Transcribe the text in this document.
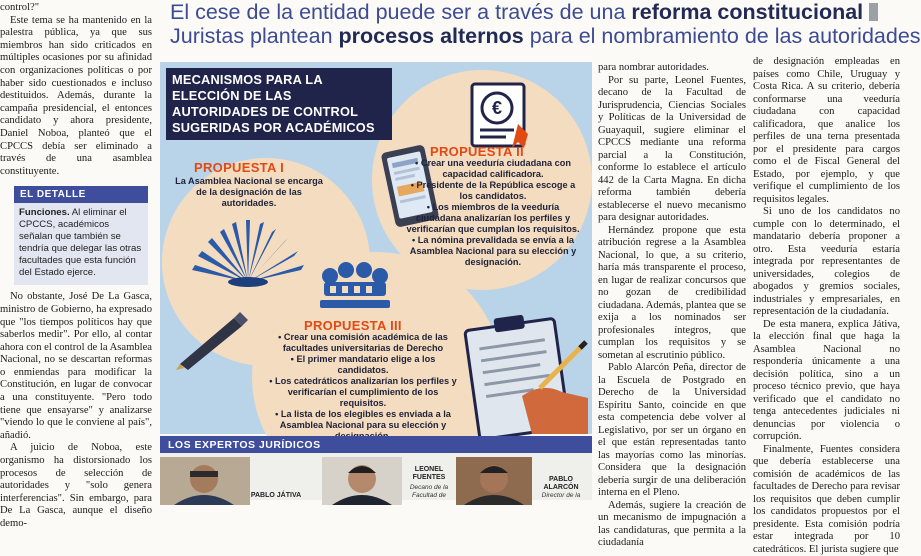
control?"

Este tema se ha mantenido en la palestra pública, ya que sus miembros han sido criticados en múltiples ocasiones por su afinidad con organizaciones políticas o por haber sido cuestionados e incluso destituidos. Además, durante la campaña presidencial, el entonces candidato y ahora presidente, Daniel Noboa, planteó que el CPCCS debía ser eliminado a través de una asamblea constituyente.

EL DETALLE
Funciones. Al eliminar el CPCCS, académicos señalan que también se tendría que delegar las otras facultades que esta función del Estado ejerce.

No obstante, José De La Gasca, ministro de Gobierno, ha expresado que "los tiempos políticos hay que saberlos medir". Por ello, al contar ahora con el control de la Asamblea Nacional, no se descartan reformas o enmiendas para modificar la Constitución, en lugar de convocar a una constituyente. "Pero todo tiene que ensayarse" y analizarse "viendo lo que le conviene al país", añadió.

A juicio de Noboa, este organismo ha distorsionado los procesos de selección de autoridades y "solo genera interferencias". Sin embargo, para De La Gasca, aunque el diseño demo-

El cese de la entidad puede ser a través de una reforma constitucional
Juristas plantean procesos alternos para el nombramiento de las autoridades
MECANISMOS PARA LA ELECCIÓN DE LAS AUTORIDADES DE CONTROL SUGERIDAS POR ACADÉMICOS
€
PROPUESTA I
La Asamblea Nacional se encarga de la designación de las autoridades.
PROPUESTA II
• Crear una veeduría ciudadana con capacidad calificadora.
• Presidente de la República escoge a los candidatos.
• Los miembros de la veeduría ciudadana analizarían los perfiles y verificarían que cumplan los requisitos.
• La nómina prevalidada se envía a la Asamblea Nacional para su elección y designación.
PROPUESTA III
• Crear una comisión académica de las facultades universitarias de Derecho
• El primer mandatario elige a los candidatos.
• Los catedráticos analizarían los perfiles y verificarían el cumplimiento de los requisitos.
• La lista de los elegibles es enviada a la Asamblea Nacional para su elección y
LOS EXPERTOS JURÍDICOS
PABLO JÁTIVA
LEONEL FUENTES
Decano de la Facultad de
PABLO ALARCÓN
Director de la

para nombrar autoridades.

Por su parte, Leonel Fuentes, decano de la Facultad de Jurisprudencia, Ciencias Sociales y Políticas de la Universidad de Guayaquil, sugiere eliminar el CPCCS mediante una reforma parcial a la Constitución, conforme lo establece el artículo 442 de la Carta Magna. En dicha reforma también debería establecerse el nuevo mecanismo para designar autoridades.

Hernández propone que esta atribución regrese a la Asamblea Nacional, lo que, a su criterio, haría más transparente el proceso, en lugar de realizar concursos que no gozan de credibilidad ciudadana. Además, plantea que se exija a los nominados ser profesionales íntegros, que cumplan los requisitos y se sometan al escrutinio público.

Pablo Alarcón Peña, director de la Escuela de Postgrado en Derecho de la Universidad Espíritu Santo, coincide en que esta competencia debe volver al Legislativo, por ser un órgano en el que están representadas tanto las mayorías como las minorías. Considera que la designación debería surgir de una deliberación interna en el Pleno.

Además, sugiere la creación de un mecanismo de impugnación a las candidaturas, que permita a la ciudadanía

de designación empleadas en países como Chile, Uruguay y Costa Rica. A su criterio, debería conformarse una veeduría ciudadana con capacidad calificadora, que analice los perfiles de una terna presentada por el presidente para cargos como el de Fiscal General del Estado, por ejemplo, y que verifique el cumplimiento de los requisitos legales.

Si uno de los candidatos no cumple con lo determinado, el mandatario debería proponer a otro. Esta veeduría estaría integrada por representantes de universidades, colegios de abogados y gremios sociales, industriales y empresariales, en representación de la ciudadanía.

De esta manera, explica Játiva, la elección final que haga la Asamblea Nacional no respondería únicamente a una decisión política, sino a un proceso técnico previo, que haya verificado que el candidato no tenga antecedentes judiciales ni denuncias por violencia o corrupción.

Finalmente, Fuentes considera que debería establecerse una comisión de académicos de las facultades de Derecho para revisar los requisitos que deben cumplir los candidatos propuestos por el presidente. Esta comisión podría estar integrada por 10 catedráticos. El jurista sugiere que
